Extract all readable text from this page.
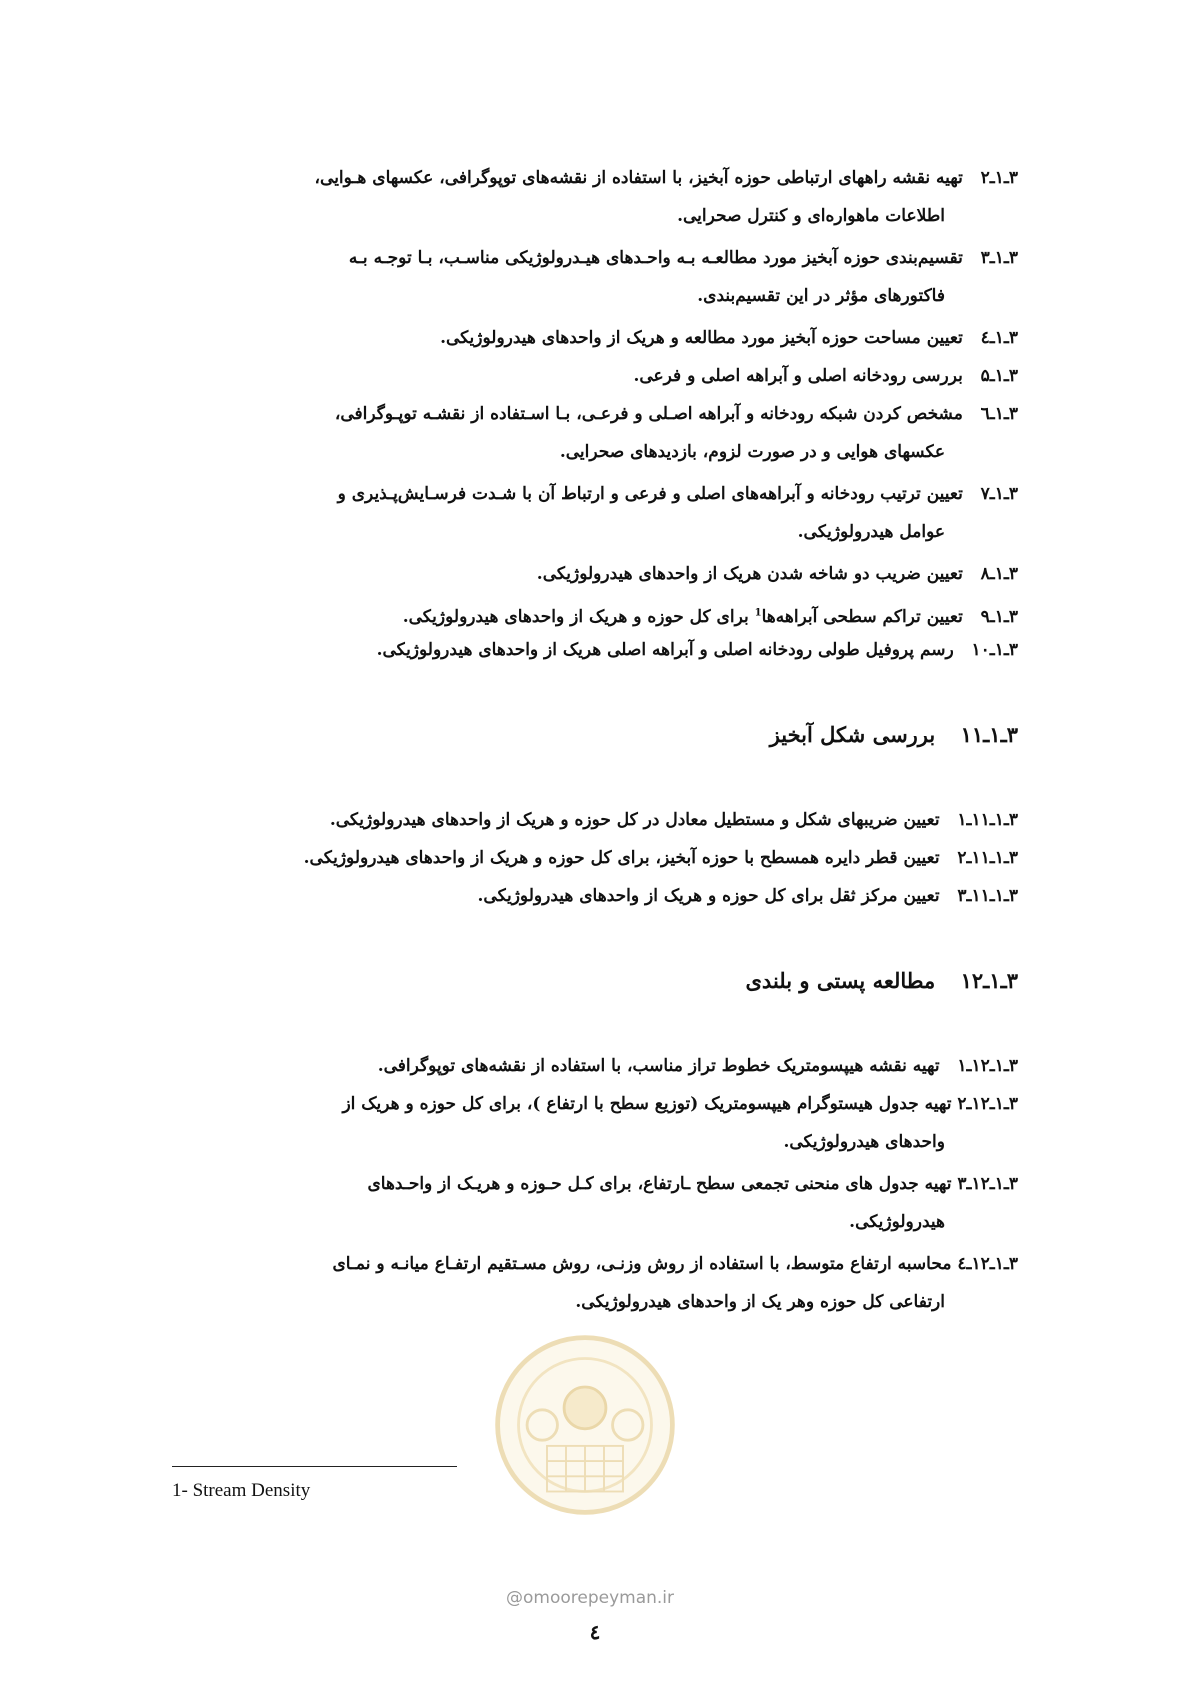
۳ـ۱ـ۲   تهیه نقشه راههای ارتباطی حوزه آبخیز، با استفاده از نقشه‌های توپوگرافی، عکسهای هـوایی،
اطلاعات ماهواره‌ای و کنترل صحرایی.
۳ـ۱ـ۳   تقسیم‌بندی حوزه آبخیز مورد مطالعـه بـه واحـدهای هیـدرولوژیکی مناسـب، بـا توجـه بـه
فاکتورهای مؤثر در این تقسیم‌بندی.
۳ـ۱ـ٤   تعیین مساحت حوزه آبخیز مورد مطالعه و هریک از واحدهای هیدرولوژیکی.
۳ـ۱ـ۵   بررسی رودخانه اصلی و آبراهه اصلی و فرعی.
۳ـ۱ـ٦   مشخص کردن شبکه رودخانه و آبراهه اصـلی و فرعـی، بـا اسـتفاده از نقشـه توپـوگرافی،
عکسهای هوایی و در صورت لزوم، بازدیدهای صحرایی.
۳ـ۱ـ۷   تعیین ترتیب رودخانه و آبراهه‌های اصلی و فرعی و ارتباط آن با شـدت فرسـایش‌پـذیری و
عوامل هیدرولوژیکی.
۳ـ۱ـ۸   تعیین ضریب دو شاخه شدن هریک از واحدهای هیدرولوژیکی.
۳ـ۱ـ۹   تعیین تراکم سطحی آبراهه‌ها$^1$ برای کل حوزه و هریک از واحدهای هیدرولوژیکی.
۳ـ۱ـ۱۰   رسم پروفیل طولی رودخانه اصلی و آبراهه اصلی هریک از واحدهای هیدرولوژیکی.
۳ـ۱ـ۱۱ بررسی شکل آبخیز
۳ـ۱ـ۱۱ـ۱   تعیین ضریبهای شکل و مستطیل معادل در کل حوزه و هریک از واحدهای هیدرولوژیکی.
۳ـ۱ـ۱۱ـ۲   تعیین قطر دایره همسطح با حوزه آبخیز، برای کل حوزه و هریک از واحدهای هیدرولوژیکی.
۳ـ۱ـ۱۱ـ۳   تعیین مرکز ثقل برای کل حوزه و هریک از واحدهای هیدرولوژیکی.
۳ـ۱ـ۱۲ مطالعه پستی و بلندی
۳ـ۱ـ۱۲ـ۱   تهیه نقشه هیپسومتریک خطوط تراز مناسب، با استفاده از نقشه‌های توپوگرافی.
۳ـ۱ـ۱۲ـ۲ تهیه جدول هیستوگرام هیپسومتریک (توزیع سطح با ارتفاع )، برای کل حوزه و هریک از
واحدهای هیدرولوژیکی.
۳ـ۱ـ۱۲ـ۳ تهیه جدول های منحنی تجمعی سطح ـارتفاع، برای کـل حـوزه و هریـک از واحـدهای
هیدرولوژیکی.
۳ـ۱ـ۱۲ـ٤ محاسبه ارتفاع متوسط، با استفاده از روش وزنـی، روش مسـتقیم ارتفـاع میانـه و نمـای
ارتفاعی کل حوزه وهر یک از واحدهای هیدرولوژیکی.
@omoorepeyman.ir
1- Stream Density
٤
